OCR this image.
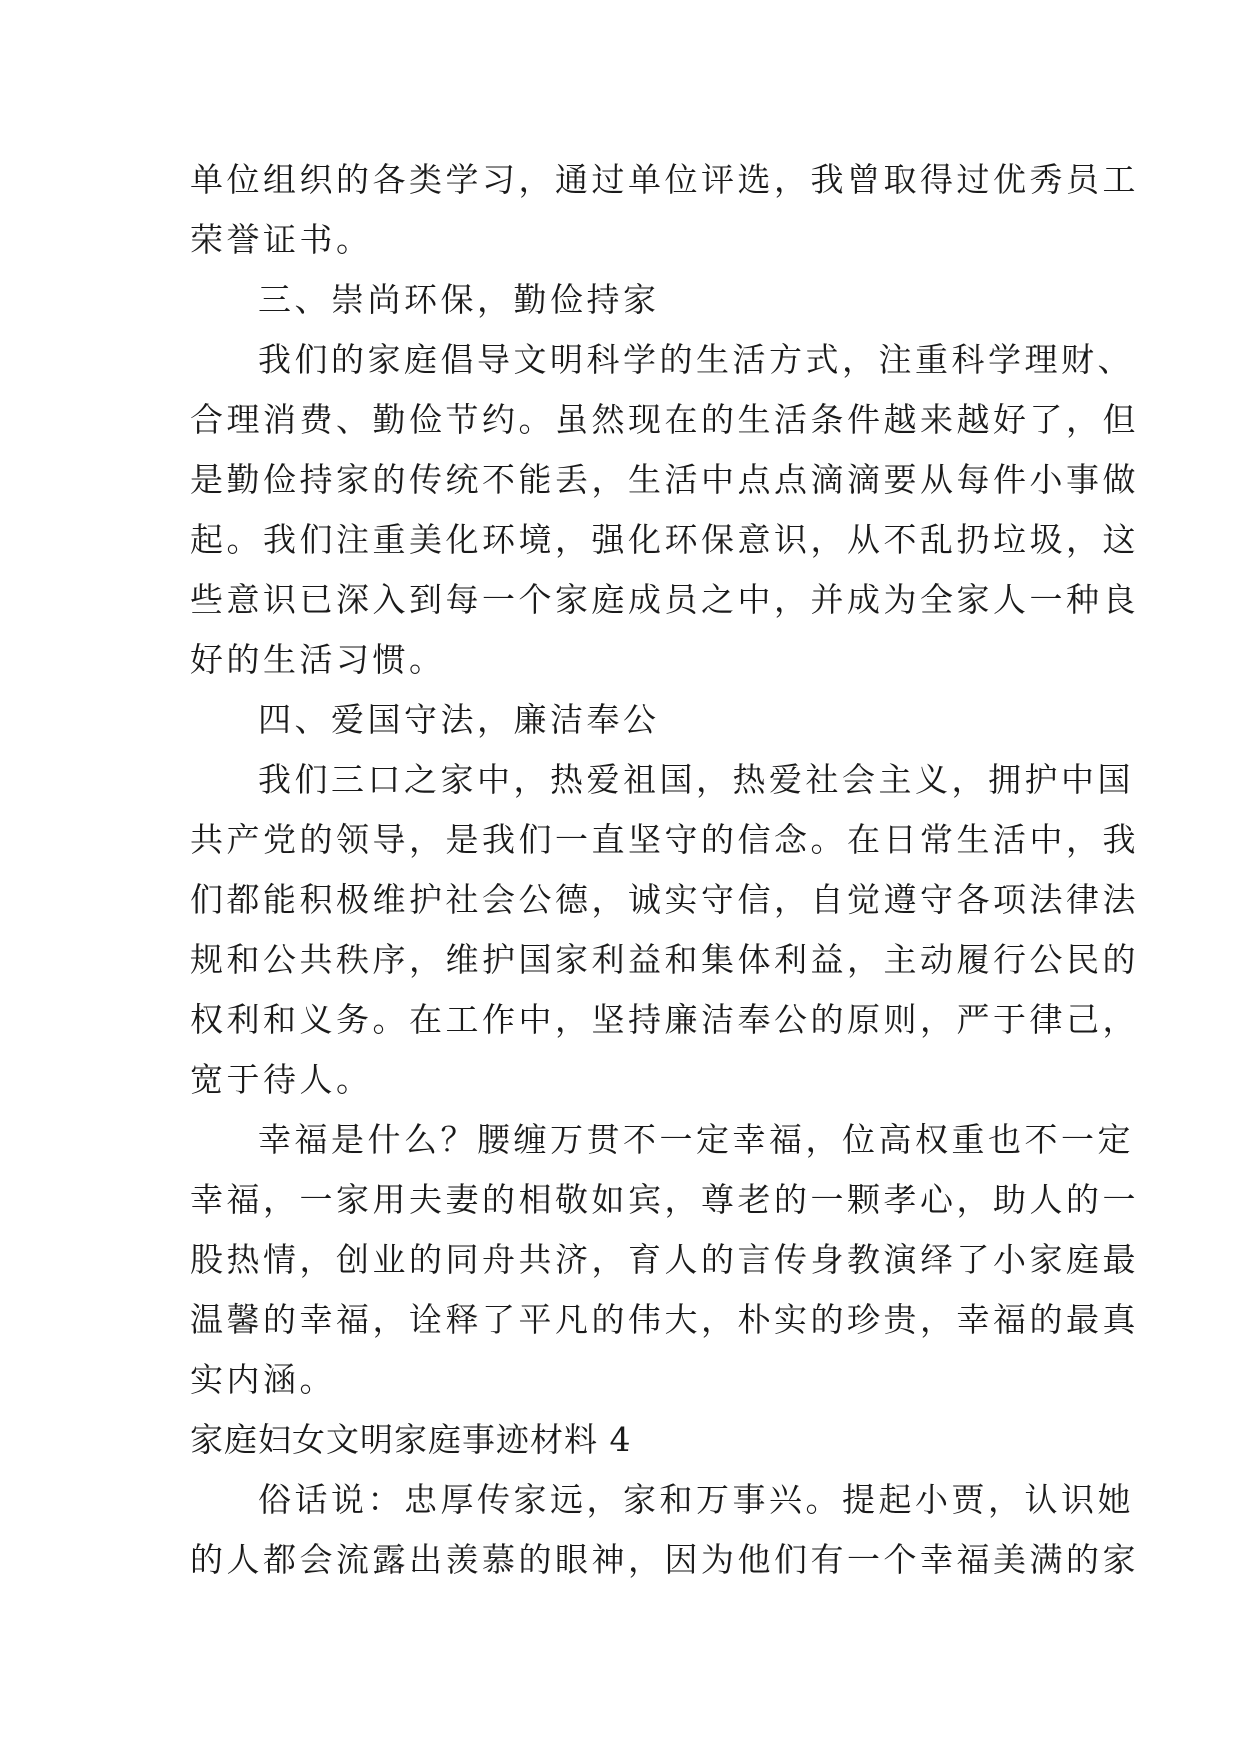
单位组织的各类学习，通过单位评选，我曾取得过优秀员工
荣誉证书。
三、崇尚环保，勤俭持家
我们的家庭倡导文明科学的生活方式，注重科学理财、
合理消费、勤俭节约。虽然现在的生活条件越来越好了，但
是勤俭持家的传统不能丢，生活中点点滴滴要从每件小事做
起。我们注重美化环境，强化环保意识，从不乱扔垃圾，这
些意识已深入到每一个家庭成员之中，并成为全家人一种良
好的生活习惯。
四、爱国守法，廉洁奉公
我们三口之家中，热爱祖国，热爱社会主义，拥护中国
共产党的领导，是我们一直坚守的信念。在日常生活中，我
们都能积极维护社会公德，诚实守信，自觉遵守各项法律法
规和公共秩序，维护国家利益和集体利益，主动履行公民的
权利和义务。在工作中，坚持廉洁奉公的原则，严于律己，
宽于待人。
幸福是什么？腰缠万贯不一定幸福，位高权重也不一定
幸福，一家用夫妻的相敬如宾，尊老的一颗孝心，助人的一
股热情，创业的同舟共济，育人的言传身教演绎了小家庭最
温馨的幸福，诠释了平凡的伟大，朴实的珍贵，幸福的最真
实内涵。
家庭妇女文明家庭事迹材料 4
俗话说：忠厚传家远，家和万事兴。提起小贾，认识她
的人都会流露出羡慕的眼神，因为他们有一个幸福美满的家
